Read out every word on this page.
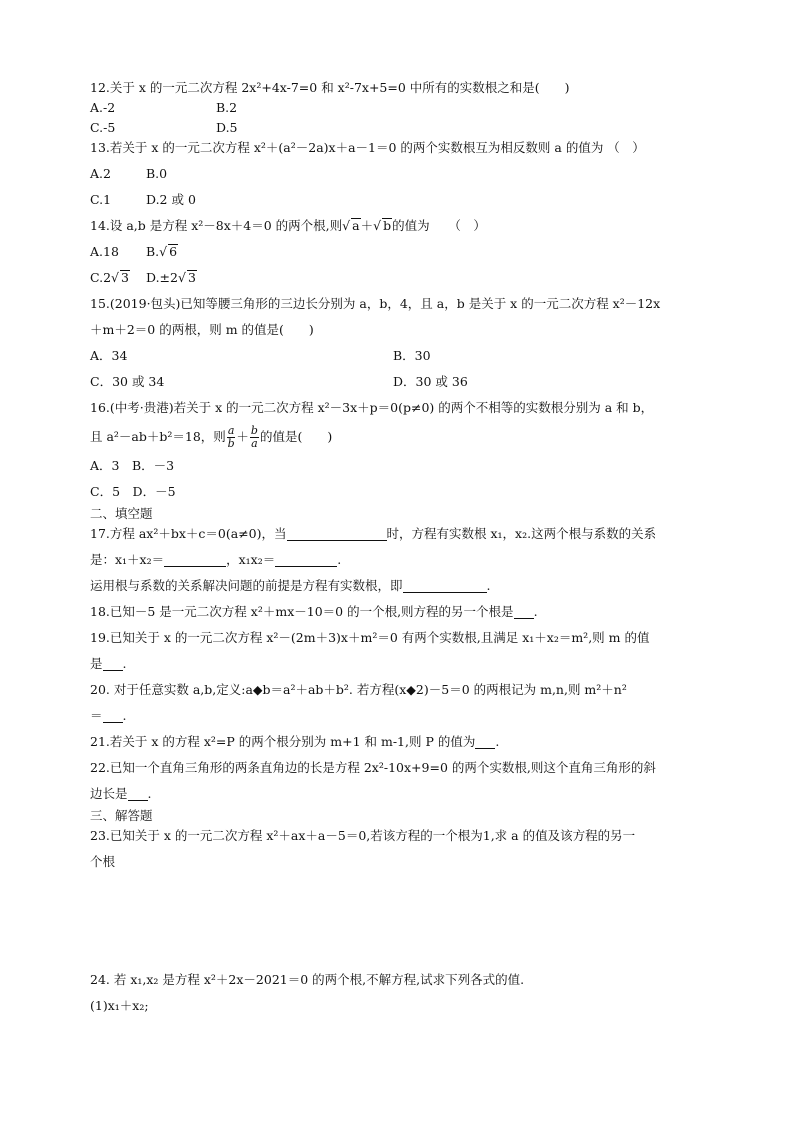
12.关于 x 的一元二次方程 2x²+4x-7=0 和 x²-7x+5=0 中所有的实数根之和是(　　)

A.-2	B.2
C.-5	D.5

13.若关于 x 的一元二次方程 x²＋(a²－2a)x＋a－1＝0 的两个实数根互为相反数则 a 的值为 （　）

A.2	B.0
C.1	D.2 或 0

14.设 a,b 是方程 x²－8x＋4＝0 的两个根,则√ a＋√ b的值为　　（　）

A.18	B.√ 6
C.2√ 3	D.±2√ 3

15.(2019·包头)已知等腰三角形的三边长分别为 a，b，4，且 a，b 是关于 x 的一元二次方程 x²－12x

＋m＋2＝0 的两根，则 m 的值是(　　)

A．34	B．30
C．30 或 34	D．30 或 36

16.(中考·贵港)若关于 x 的一元二次方程 x²－3x＋p＝0(p≠0) 的两个不相等的实数根分别为 a 和 b，

且 a²－ab＋b²＝18，则 $\frac{a}{b} + \frac{b}{a}$ 的值是(　　)

A．3　 B．－3
C．5　 D．－5

二、填空题

17.方程 ax²＋bx＋c＝0(a≠0)，当	时，方程有实数根 x₁，x₂.这两个根与系数的关系

是：x₁＋x₂＝	，x₁x₂＝	.

运用根与系数的关系解决问题的前提是方程有实数根，即	.

18.已知－5 是一元二次方程 x²＋mx－10＝0 的一个根,则方程的另一个根是 .

19.已知关于 x 的一元二次方程 x²－(2m＋3)x＋m²＝0 有两个实数根,且满足 x₁＋x₂＝m²,则 m 的值

是 .

20. 对于任意实数 a,b,定义:a◆b＝a²＋ab＋b². 若方程(x◆2)－5＝0 的两根记为 m,n,则 m²＋n²

＝ .

21.若关于 x 的方程 x²=P 的两个根分别为 m+1 和 m-1,则 P 的值为 .

22.已知一个直角三角形的两条直角边的长是方程 2x²-10x+9=0 的两个实数根,则这个直角三角形的斜

边长是 .

三、解答题

23.已知关于 x 的一元二次方程 x²＋ax＋a－5＝0,若该方程的一个根为1,求 a 的值及该方程的另一

个根

24. 若 x₁,x₂ 是方程 x²＋2x－2021＝0 的两个根,不解方程,试求下列各式的值.

(1)x₁＋x₂;
